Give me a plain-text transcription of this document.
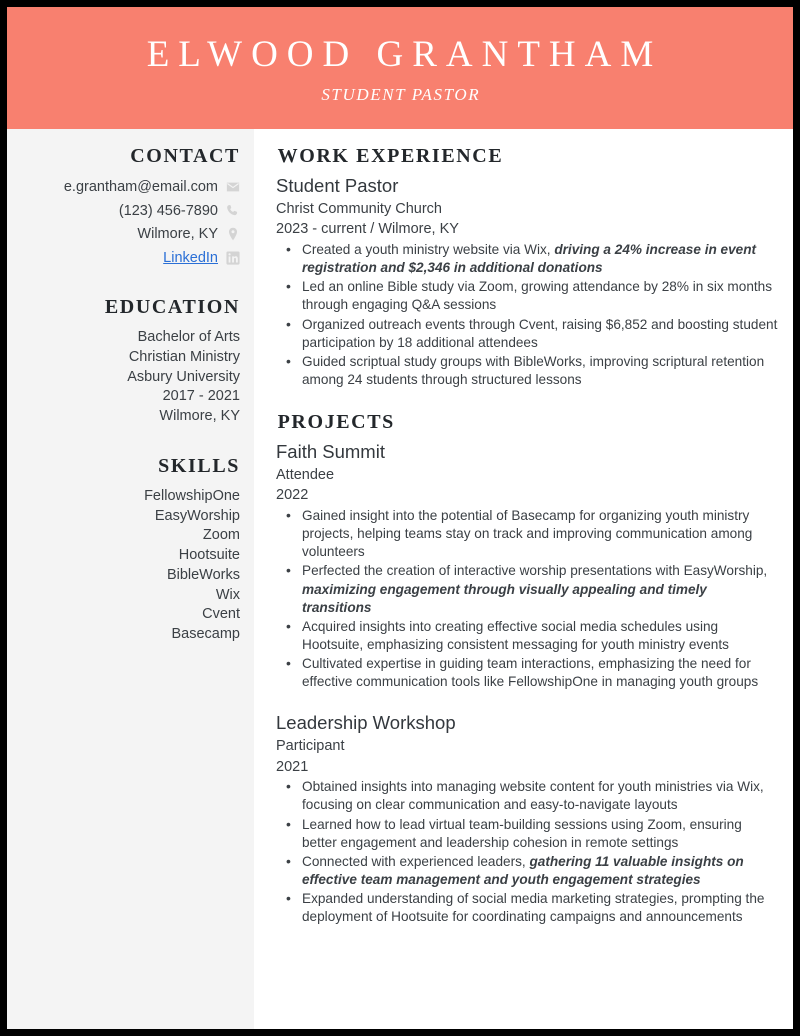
ELWOOD GRANTHAM
STUDENT PASTOR
CONTACT
e.grantham@email.com
(123) 456-7890
Wilmore, KY
LinkedIn
EDUCATION
Bachelor of Arts
Christian Ministry
Asbury University
2017 - 2021
Wilmore, KY
SKILLS
FellowshipOne
EasyWorship
Zoom
Hootsuite
BibleWorks
Wix
Cvent
Basecamp
WORK EXPERIENCE
Student Pastor
Christ Community Church
2023 - current / Wilmore, KY
• Created a youth ministry website via Wix, driving a 24% increase in event registration and $2,346 in additional donations
• Led an online Bible study via Zoom, growing attendance by 28% in six months through engaging Q&A sessions
• Organized outreach events through Cvent, raising $6,852 and boosting student participation by 18 additional attendees
• Guided scriptual study groups with BibleWorks, improving scriptural retention among 24 students through structured lessons
PROJECTS
Faith Summit
Attendee
2022
• Gained insight into the potential of Basecamp for organizing youth ministry projects, helping teams stay on track and improving communication among volunteers
• Perfected the creation of interactive worship presentations with EasyWorship, maximizing engagement through visually appealing and timely transitions
• Acquired insights into creating effective social media schedules using Hootsuite, emphasizing consistent messaging for youth ministry events
• Cultivated expertise in guiding team interactions, emphasizing the need for effective communication tools like FellowshipOne in managing youth groups
Leadership Workshop
Participant
2021
• Obtained insights into managing website content for youth ministries via Wix, focusing on clear communication and easy-to-navigate layouts
• Learned how to lead virtual team-building sessions using Zoom, ensuring better engagement and leadership cohesion in remote settings
• Connected with experienced leaders, gathering 11 valuable insights on effective team management and youth engagement strategies
• Expanded understanding of social media marketing strategies, prompting the deployment of Hootsuite for coordinating campaigns and announcements
